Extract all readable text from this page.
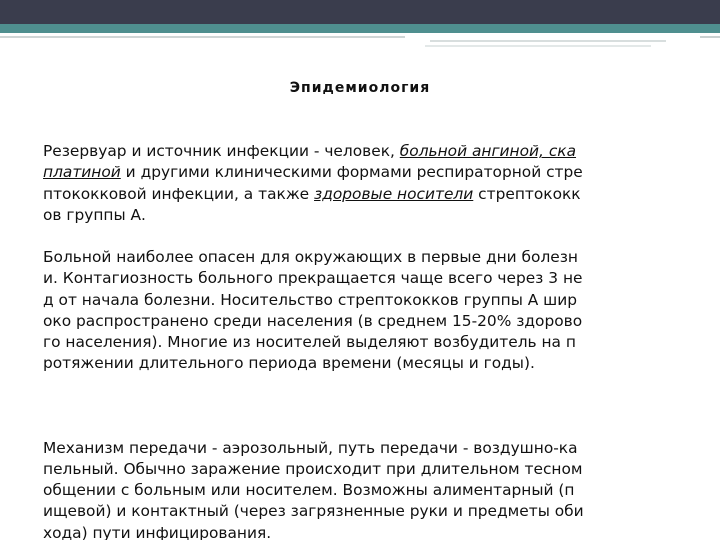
Эпидемиология

Резервуар и источник инфекции - человек, больной ангиной, ска
платиной и другими клиническими формами респираторной стре
птококковой инфекции, а также здоровые носители стрептококк
ов группы А.

Больной наиболее опасен для окружающих в первые дни болезн
и. Контагиозность больного прекращается чаще всего через 3 не
д от начала болезни. Носительство стрептококков группы А шир
око распространено среди населения (в среднем 15-20% здорово
го населения). Многие из носителей выделяют возбудитель на п
ротяжении длительного периода времени (месяцы и годы).

Механизм передачи - аэрозольный, путь передачи - воздушно-ка
пельный. Обычно заражение происходит при длительном тесном
общении с больным или носителем. Возможны алиментарный (п
ищевой) и контактный (через загрязненные руки и предметы оби
хода) пути инфицирования.
